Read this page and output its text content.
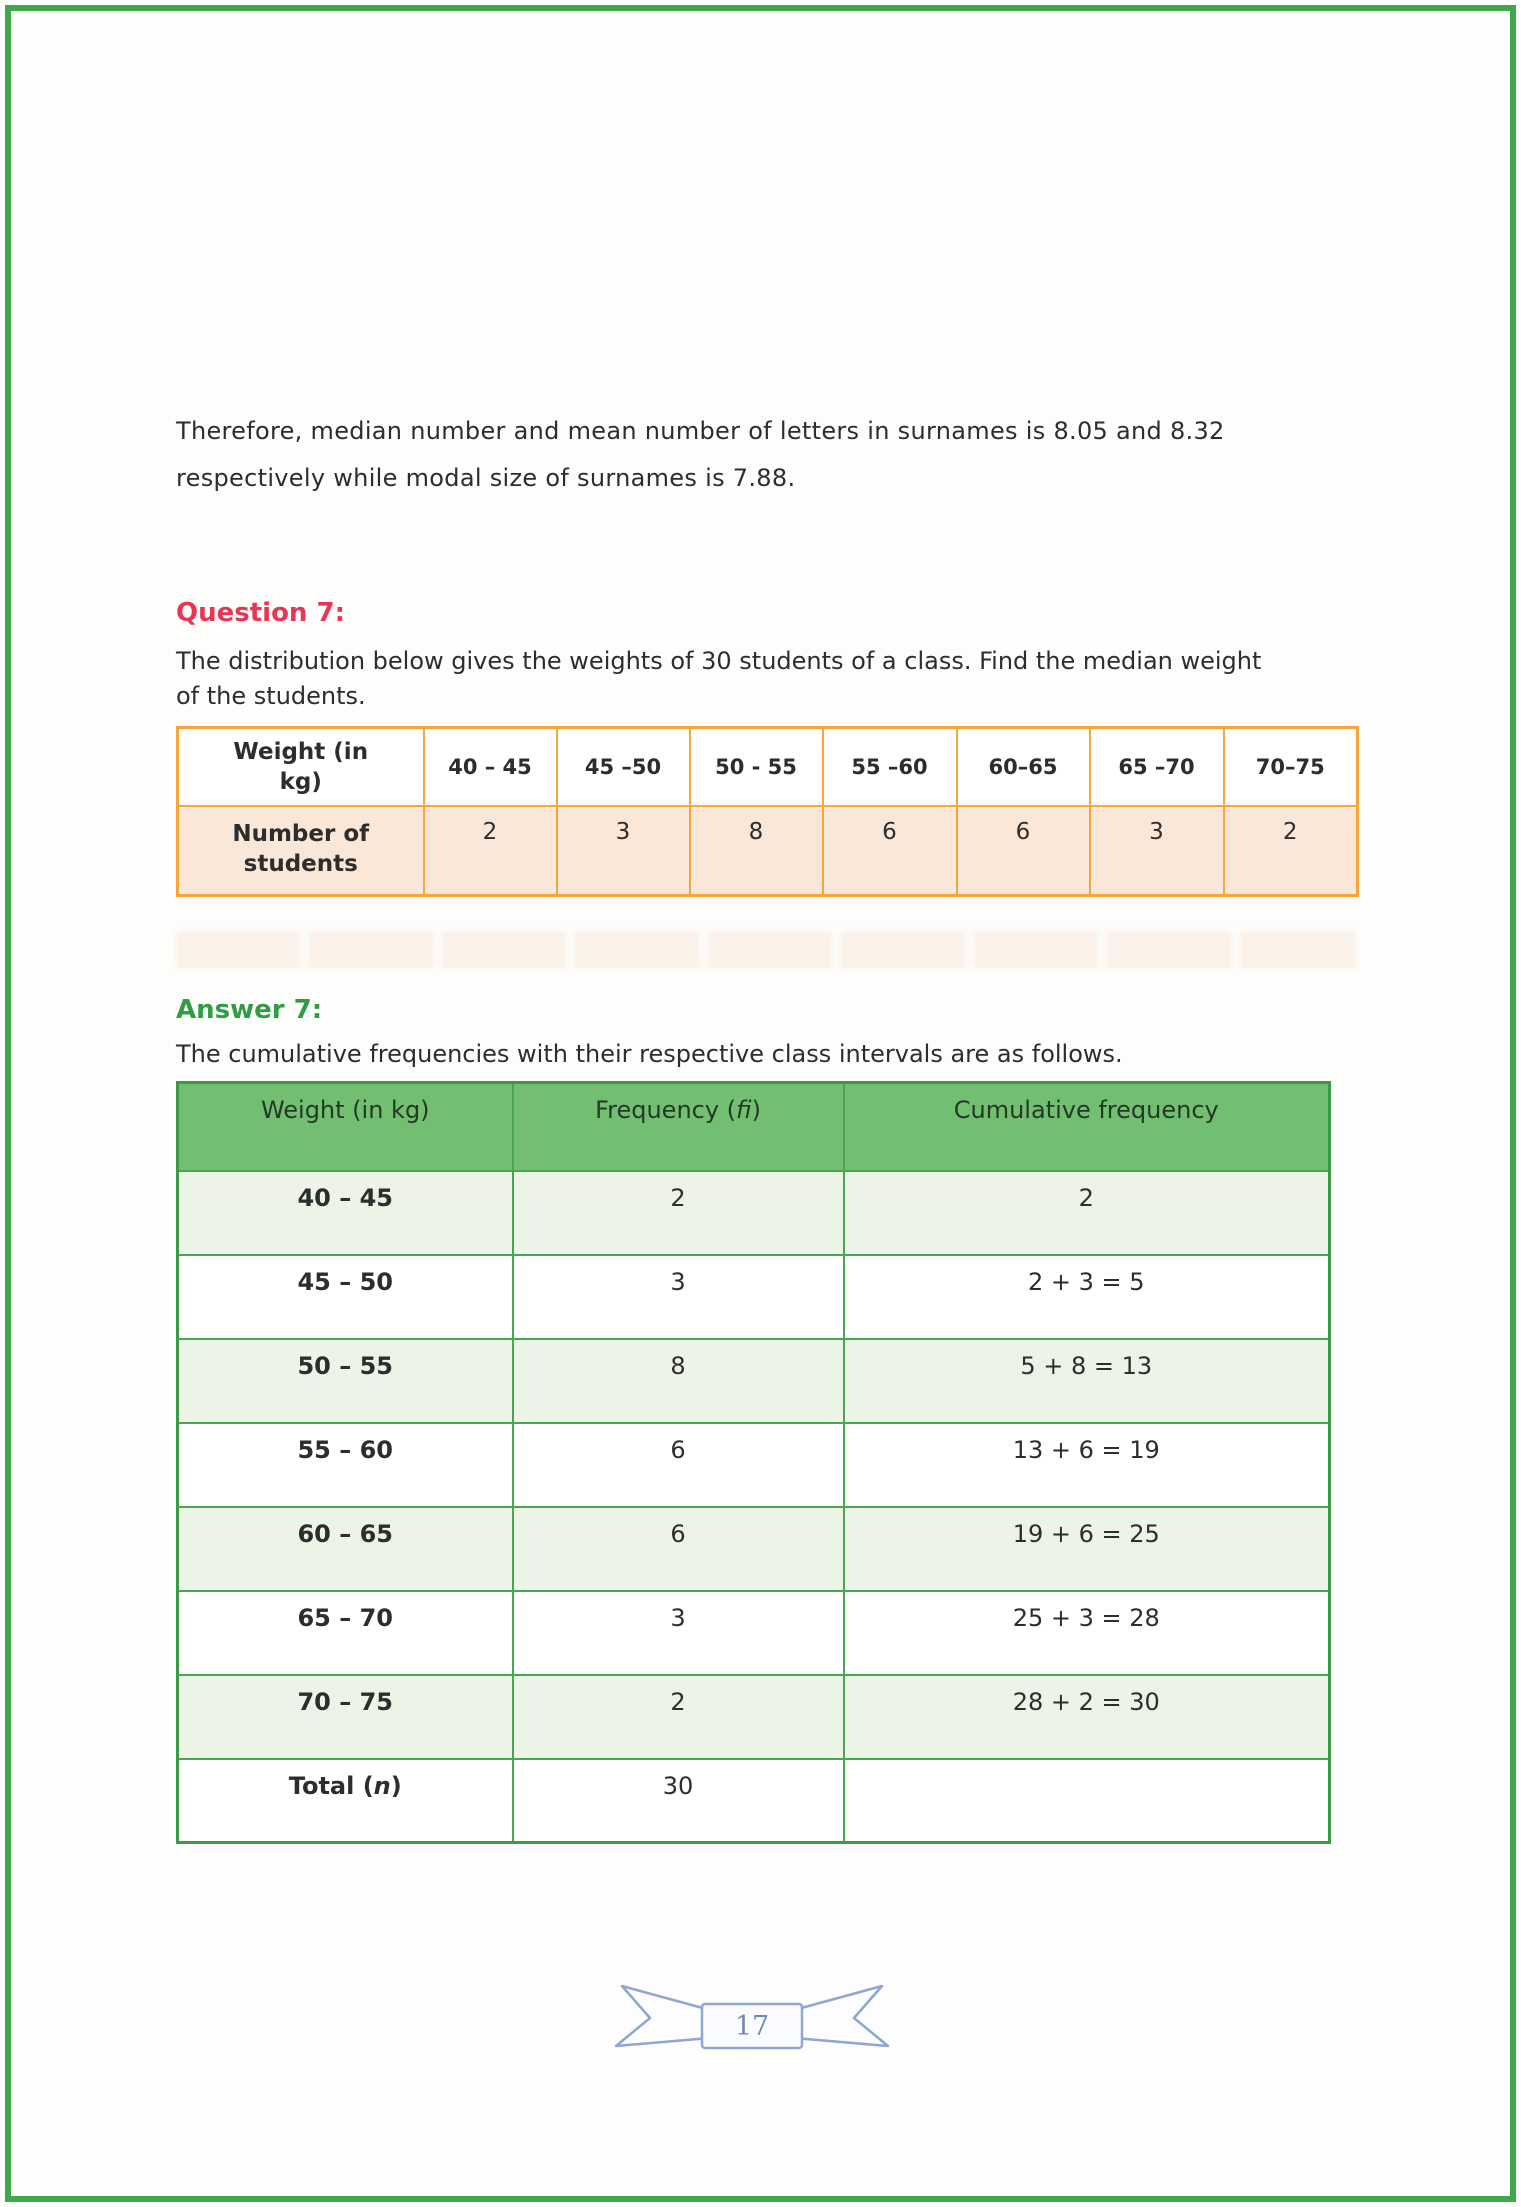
Therefore, median number and mean number of letters in surnames is 8.05 and 8.32
respectively while modal size of surnames is 7.88.

Question 7:

The distribution below gives the weights of 30 students of a class. Find the median weight
of the students.

Weight (in kg)	40 – 45	45 –50	50 - 55	55 –60	60–65	65 –70	70–75
Number of students	2	3	8	6	6	3	2
Answer 7:

The cumulative frequencies with their respective class intervals are as follows.

Weight (in kg)	Frequency (fi)	Cumulative frequency
40 – 45	2	2
45 – 50	3	2 + 3 = 5
50 – 55	8	5 + 8 = 13
55 – 60	6	13 + 6 = 19
60 – 65	6	19 + 6 = 25
65 – 70	3	25 + 3 = 28
70 – 75	2	28 + 2 = 30
Total (n)	30	
17
